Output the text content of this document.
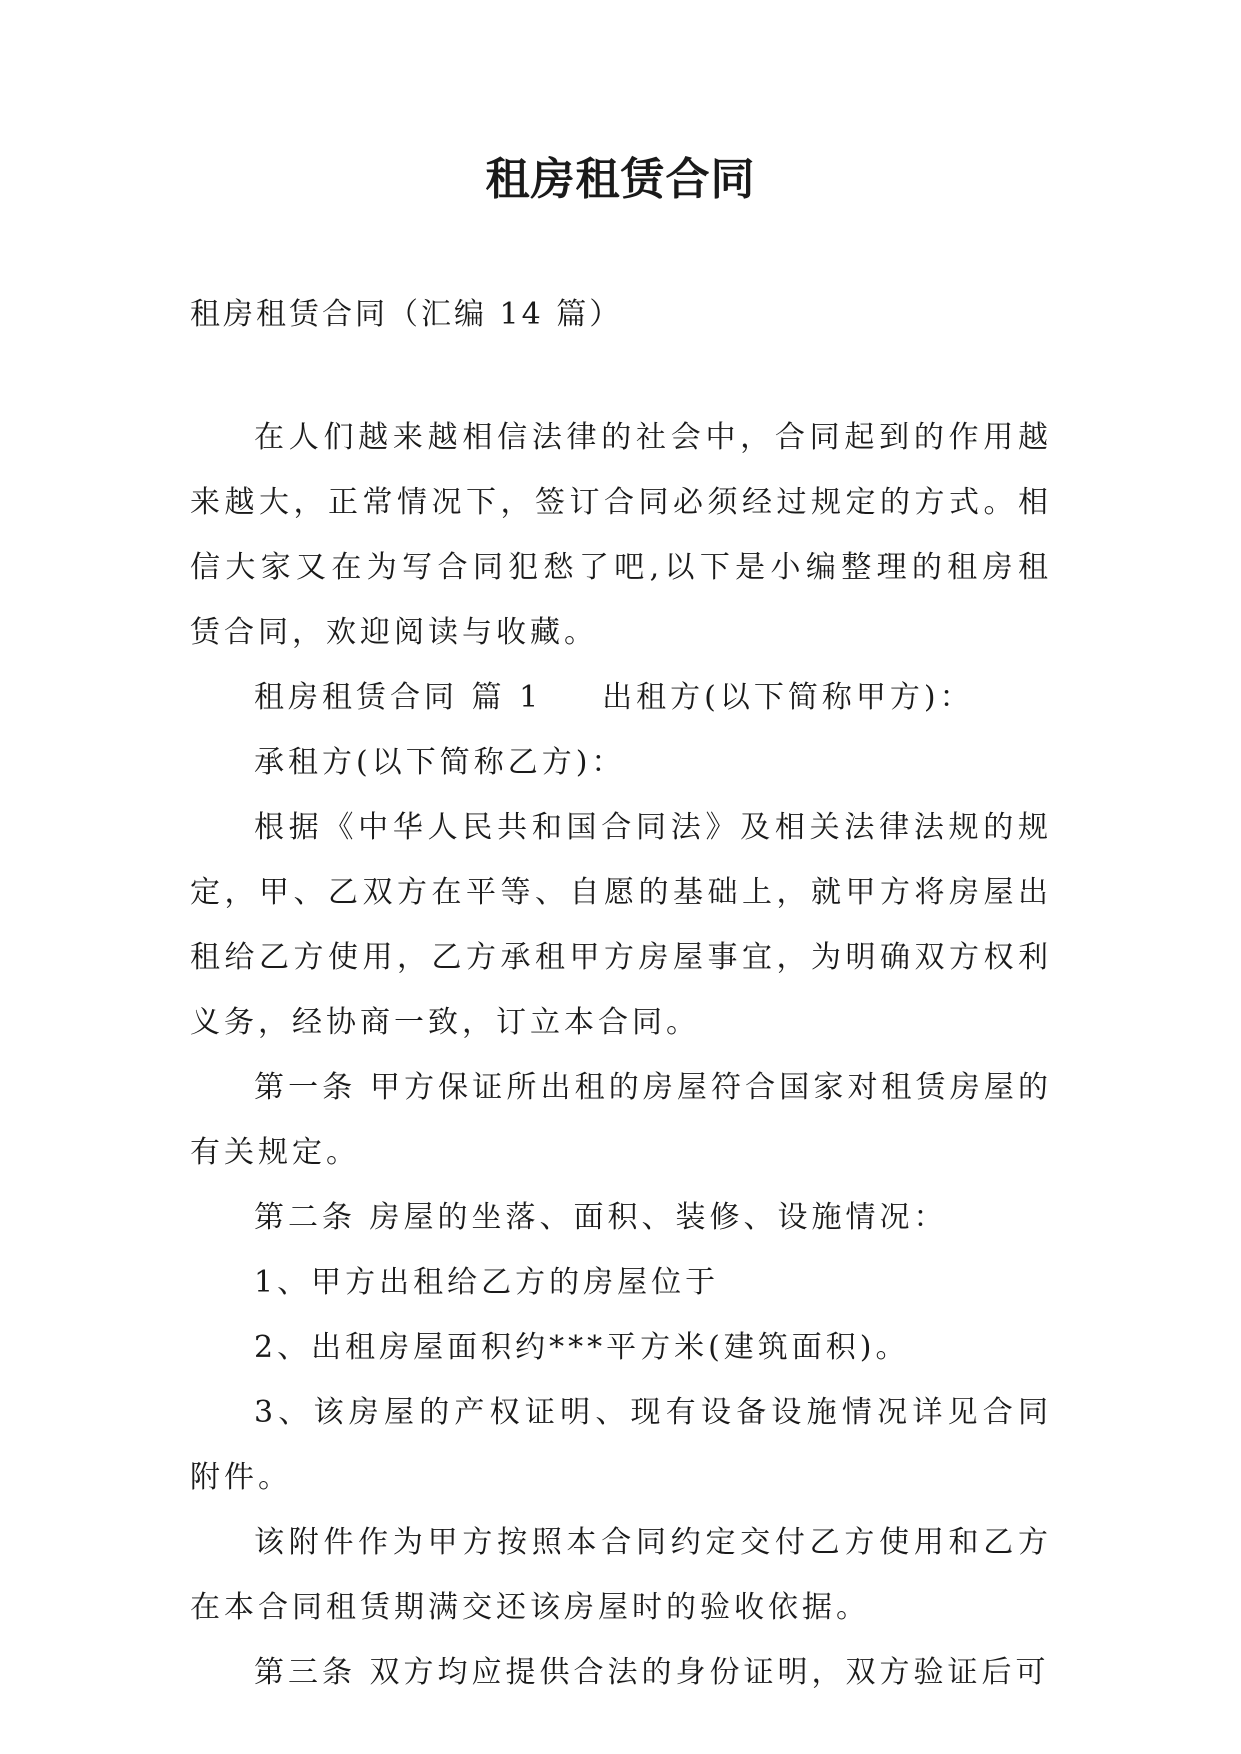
租房租赁合同

租房租赁合同（汇编 14 篇）

在人们越来越相信法律的社会中，合同起到的作用越来越大，正常情况下，签订合同必须经过规定的方式。相信大家又在为写合同犯愁了吧,以下是小编整理的租房租赁合同，欢迎阅读与收藏。

租房租赁合同 篇 1 出租方(以下简称甲方)：

承租方(以下简称乙方)：

根据《中华人民共和国合同法》及相关法律法规的规定，甲、乙双方在平等、自愿的基础上，就甲方将房屋出租给乙方使用，乙方承租甲方房屋事宜，为明确双方权利义务，经协商一致，订立本合同。

第一条 甲方保证所出租的房屋符合国家对租赁房屋的有关规定。

第二条 房屋的坐落、面积、装修、设施情况：

1、甲方出租给乙方的房屋位于

2、出租房屋面积约***平方米(建筑面积)。

3、该房屋的产权证明、现有设备设施情况详见合同附件。

该附件作为甲方按照本合同约定交付乙方使用和乙方在本合同租赁期满交还该房屋时的验收依据。

第三条 双方均应提供合法的身份证明，双方验证后可
